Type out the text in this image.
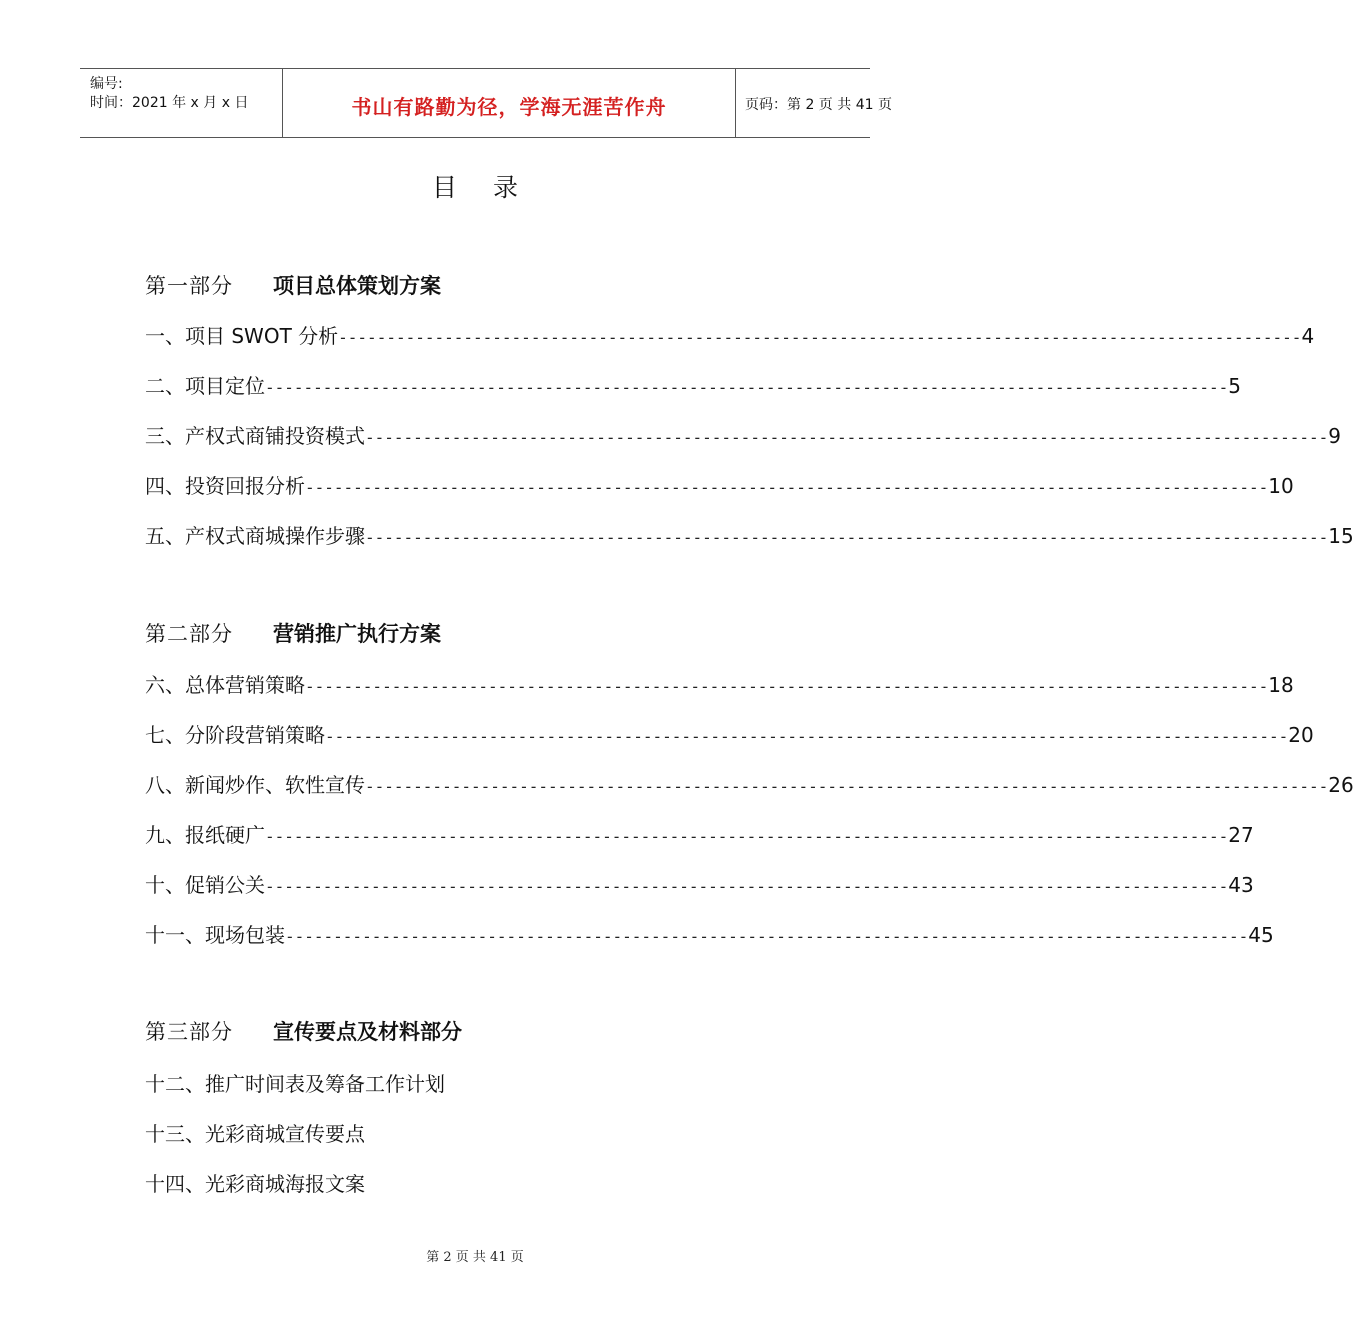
编号:
时间：2021 年 x 月 x 日	书山有路勤为径，学海无涯苦作舟	页码：第 2 页 共 41 页
目录
第一部分 项目总体策划方案
一、项目 SWOT 分析 ---------------------------------------------------------------------------------------------------- 4
二、项目定位 ---------------------------------------------------------------------------------------------------- 5
三、产权式商铺投资模式 ---------------------------------------------------------------------------------------------------- 9
四、投资回报分析 ---------------------------------------------------------------------------------------------------- 10
五、产权式商城操作步骤 ---------------------------------------------------------------------------------------------------- 15
第二部分 营销推广执行方案
六、总体营销策略 ---------------------------------------------------------------------------------------------------- 18
七、分阶段营销策略 ---------------------------------------------------------------------------------------------------- 20
八、新闻炒作、软性宣传 ---------------------------------------------------------------------------------------------------- 26
九、报纸硬广 ---------------------------------------------------------------------------------------------------- 27
十、促销公关 ---------------------------------------------------------------------------------------------------- 43
十一、现场包装 ---------------------------------------------------------------------------------------------------- 45
第三部分 宣传要点及材料部分
十二、推广时间表及筹备工作计划
十三、光彩商城宣传要点
十四、光彩商城海报文案
第 2 页 共 41 页
